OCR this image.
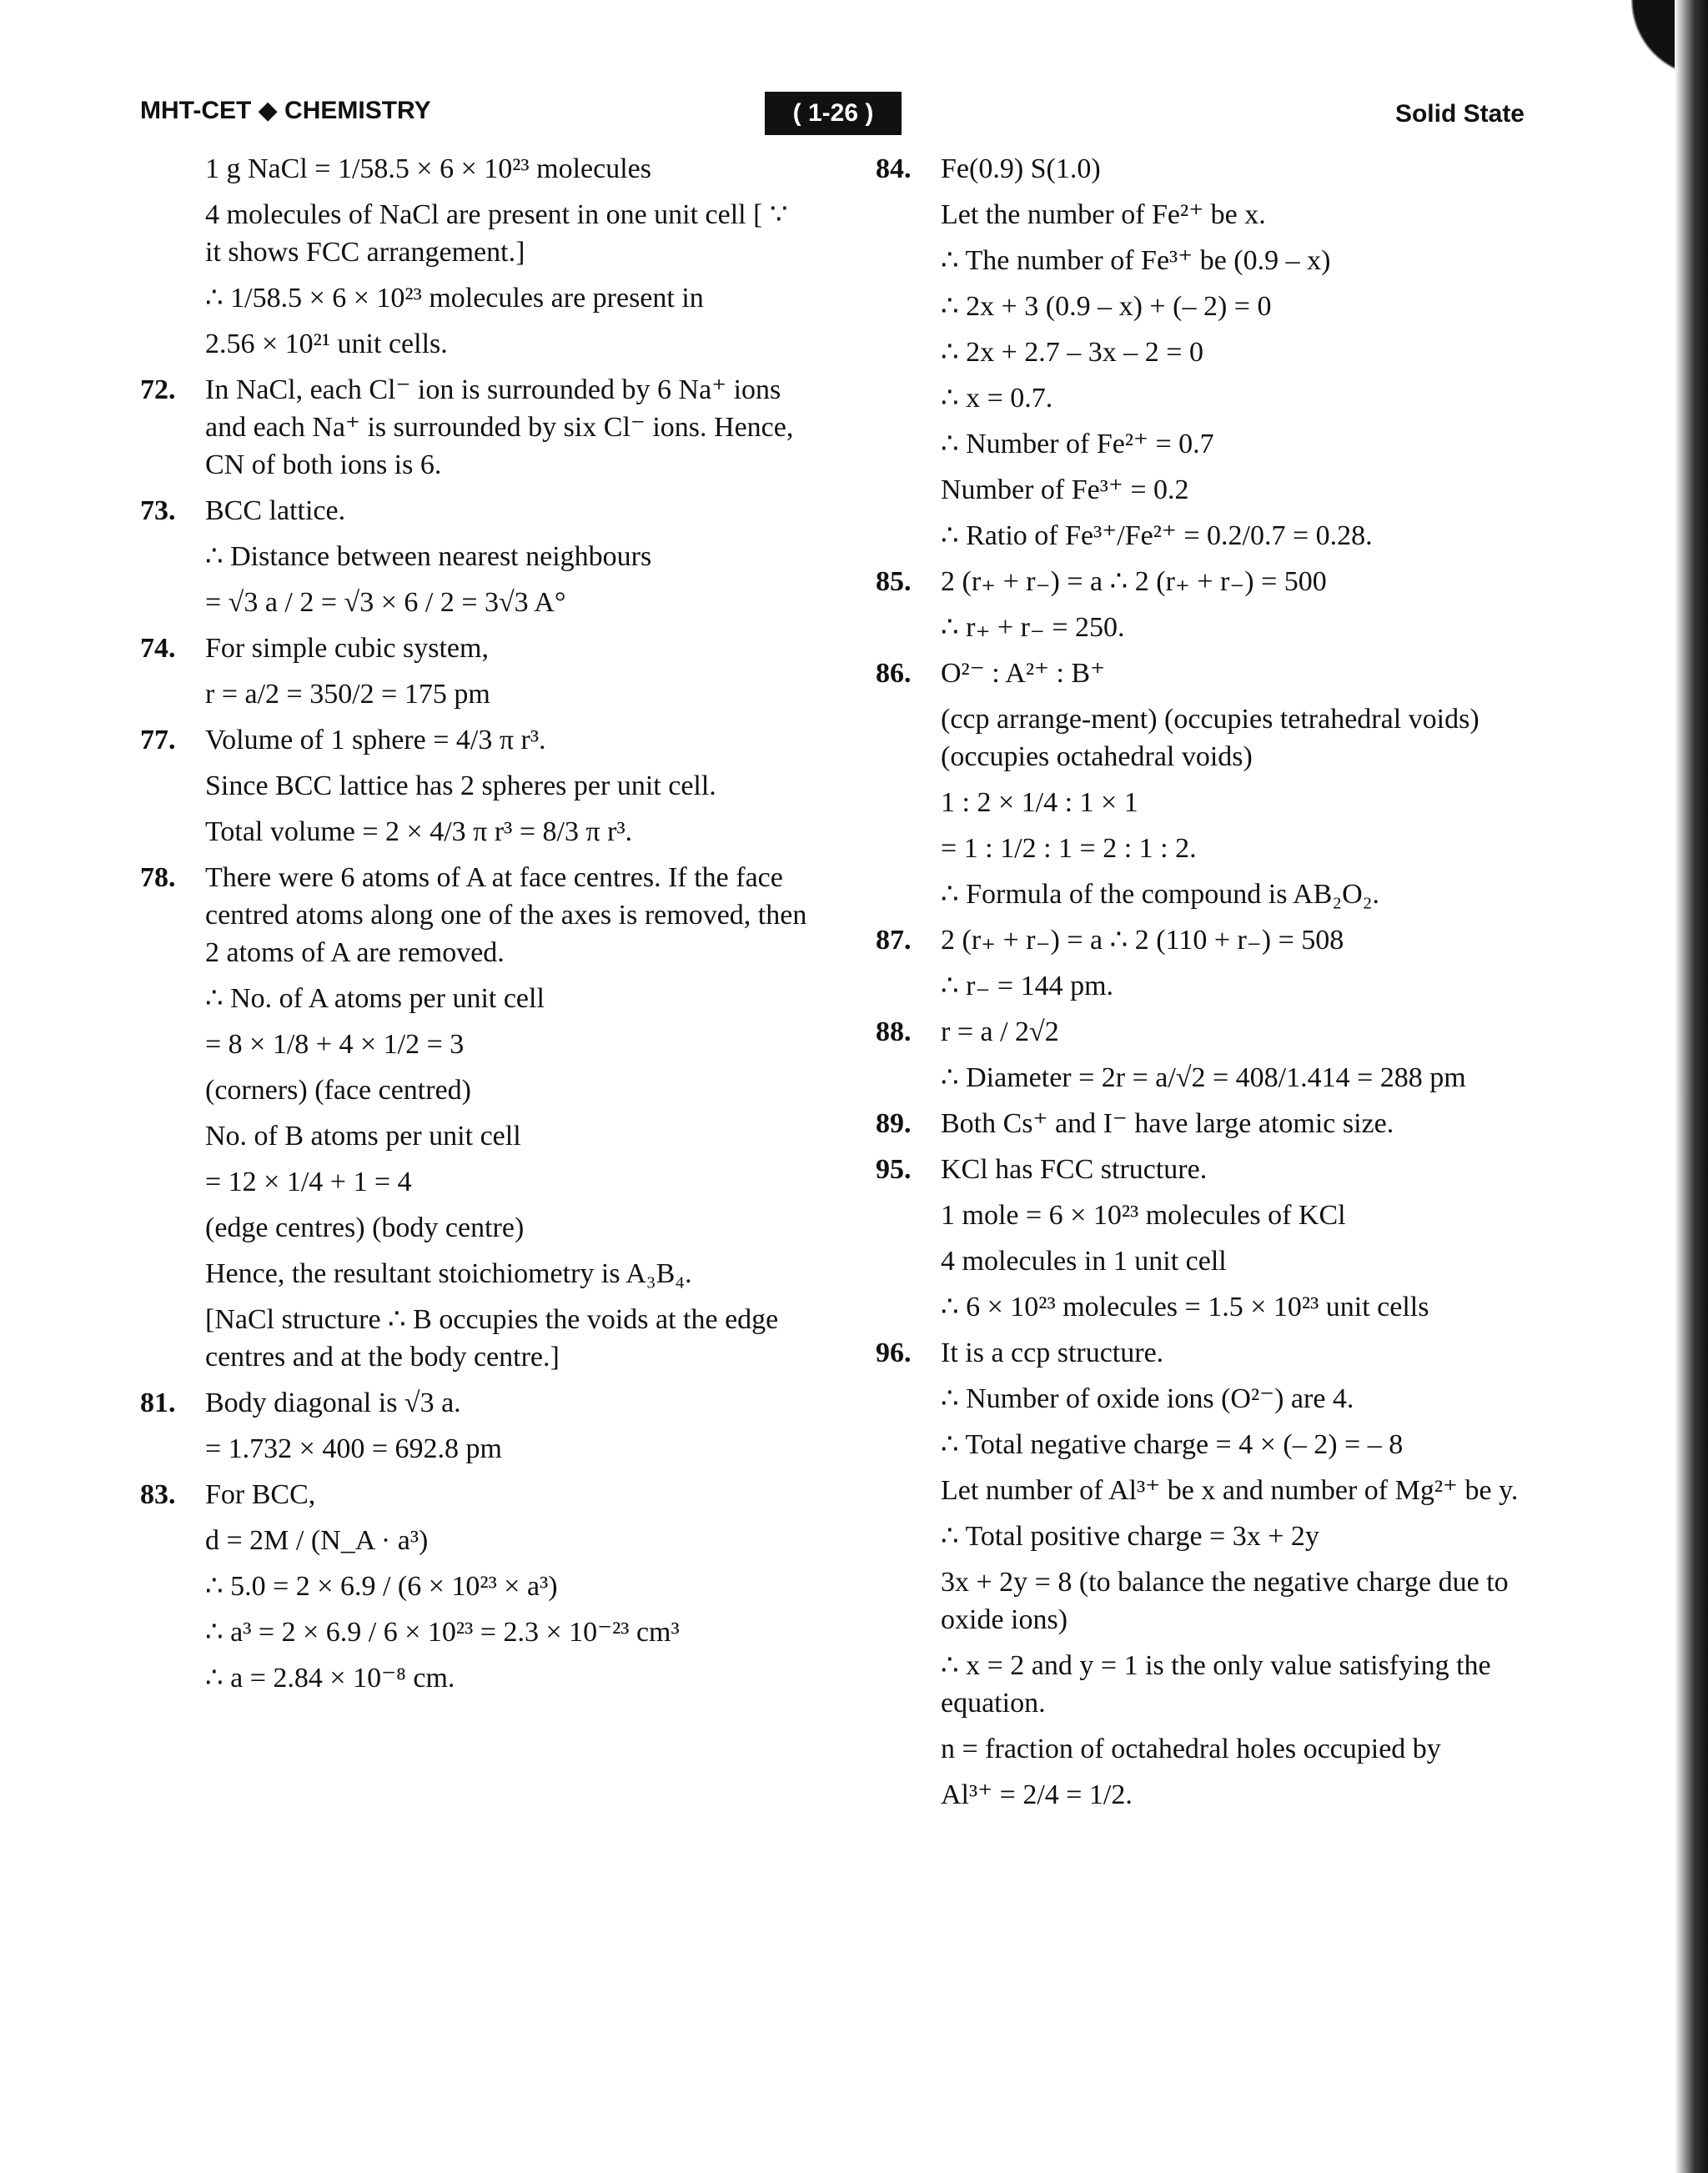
MHT-CET ◆ CHEMISTRY	( 1-26 )	Solid State
1 g NaCl = 1/58.5 × 6 × 10²³ molecules
4 molecules of NaCl are present in one unit cell [ ∵ it shows FCC arrangement.]
∴ 1/58.5 × 6 × 10²³ molecules are present in
2.56 × 10²¹ unit cells.
72. In NaCl, each Cl⁻ ion is surrounded by 6 Na⁺ ions and each Na⁺ is surrounded by six Cl⁻ ions. Hence, CN of both ions is 6.
73. BCC lattice.
∴ Distance between nearest neighbours
= √3 a / 2 = √3 × 6 / 2 = 3√3 A°
74. For simple cubic system,
r = a/2 = 350/2 = 175 pm
77. Volume of 1 sphere = 4/3 π r³.
Since BCC lattice has 2 spheres per unit cell.
Total volume = 2 × 4/3 π r³ = 8/3 π r³.
78. There were 6 atoms of A at face centres. If the face centred atoms along one of the axes is removed, then 2 atoms of A are removed.
∴ No. of A atoms per unit cell
= 8 × 1/8 + 4 × 1/2 = 3
(corners) (face centred)
No. of B atoms per unit cell
= 12 × 1/4 + 1 = 4
(edge centres) (body centre)
Hence, the resultant stoichiometry is A₃B₄.
[NaCl structure ∴ B occupies the voids at the edge centres and at the body centre.]
81. Body diagonal is √3 a.
= 1.732 × 400 = 692.8 pm
83. For BCC,
d = 2M / (N_A · a³)
∴ 5.0 = 2 × 6.9 / (6 × 10²³ × a³)
∴ a³ = 2 × 6.9 / 6 × 10²³ = 2.3 × 10⁻²³ cm³
∴ a = 2.84 × 10⁻⁸ cm.
84. Fe(0.9) S(1.0)
Let the number of Fe²⁺ be x.
∴ The number of Fe³⁺ be (0.9 – x)
∴ 2x + 3 (0.9 – x) + (– 2) = 0
∴ 2x + 2.7 – 3x – 2 = 0
∴ x = 0.7.
∴ Number of Fe²⁺ = 0.7
Number of Fe³⁺ = 0.2
∴ Ratio of Fe³⁺/Fe²⁺ = 0.2/0.7 = 0.28.
85. 2 (r₊ + r₋) = a ∴ 2 (r₊ + r₋) = 500
∴ r₊ + r₋ = 250.
86. O²⁻ : A²⁺ : B⁺
(ccp arrange-ment) (occupies tetrahedral voids) (occupies octahedral voids)
1 : 2 × 1/4 : 1 × 1
= 1 : 1/2 : 1 = 2 : 1 : 2.
∴ Formula of the compound is AB₂O₂.
87. 2 (r₊ + r₋) = a ∴ 2 (110 + r₋) = 508
∴ r₋ = 144 pm.
88. r = a / 2√2
∴ Diameter = 2r = a/√2 = 408/1.414 = 288 pm
89. Both Cs⁺ and I⁻ have large atomic size.
95. KCl has FCC structure.
1 mole = 6 × 10²³ molecules of KCl
4 molecules in 1 unit cell
∴ 6 × 10²³ molecules = 1.5 × 10²³ unit cells
96. It is a ccp structure.
∴ Number of oxide ions (O²⁻) are 4.
∴ Total negative charge = 4 × (– 2) = – 8
Let number of Al³⁺ be x and number of Mg²⁺ be y.
∴ Total positive charge = 3x + 2y
3x + 2y = 8 (to balance the negative charge due to oxide ions)
∴ x = 2 and y = 1 is the only value satisfying the equation.
n = fraction of octahedral holes occupied by
Al³⁺ = 2/4 = 1/2.
